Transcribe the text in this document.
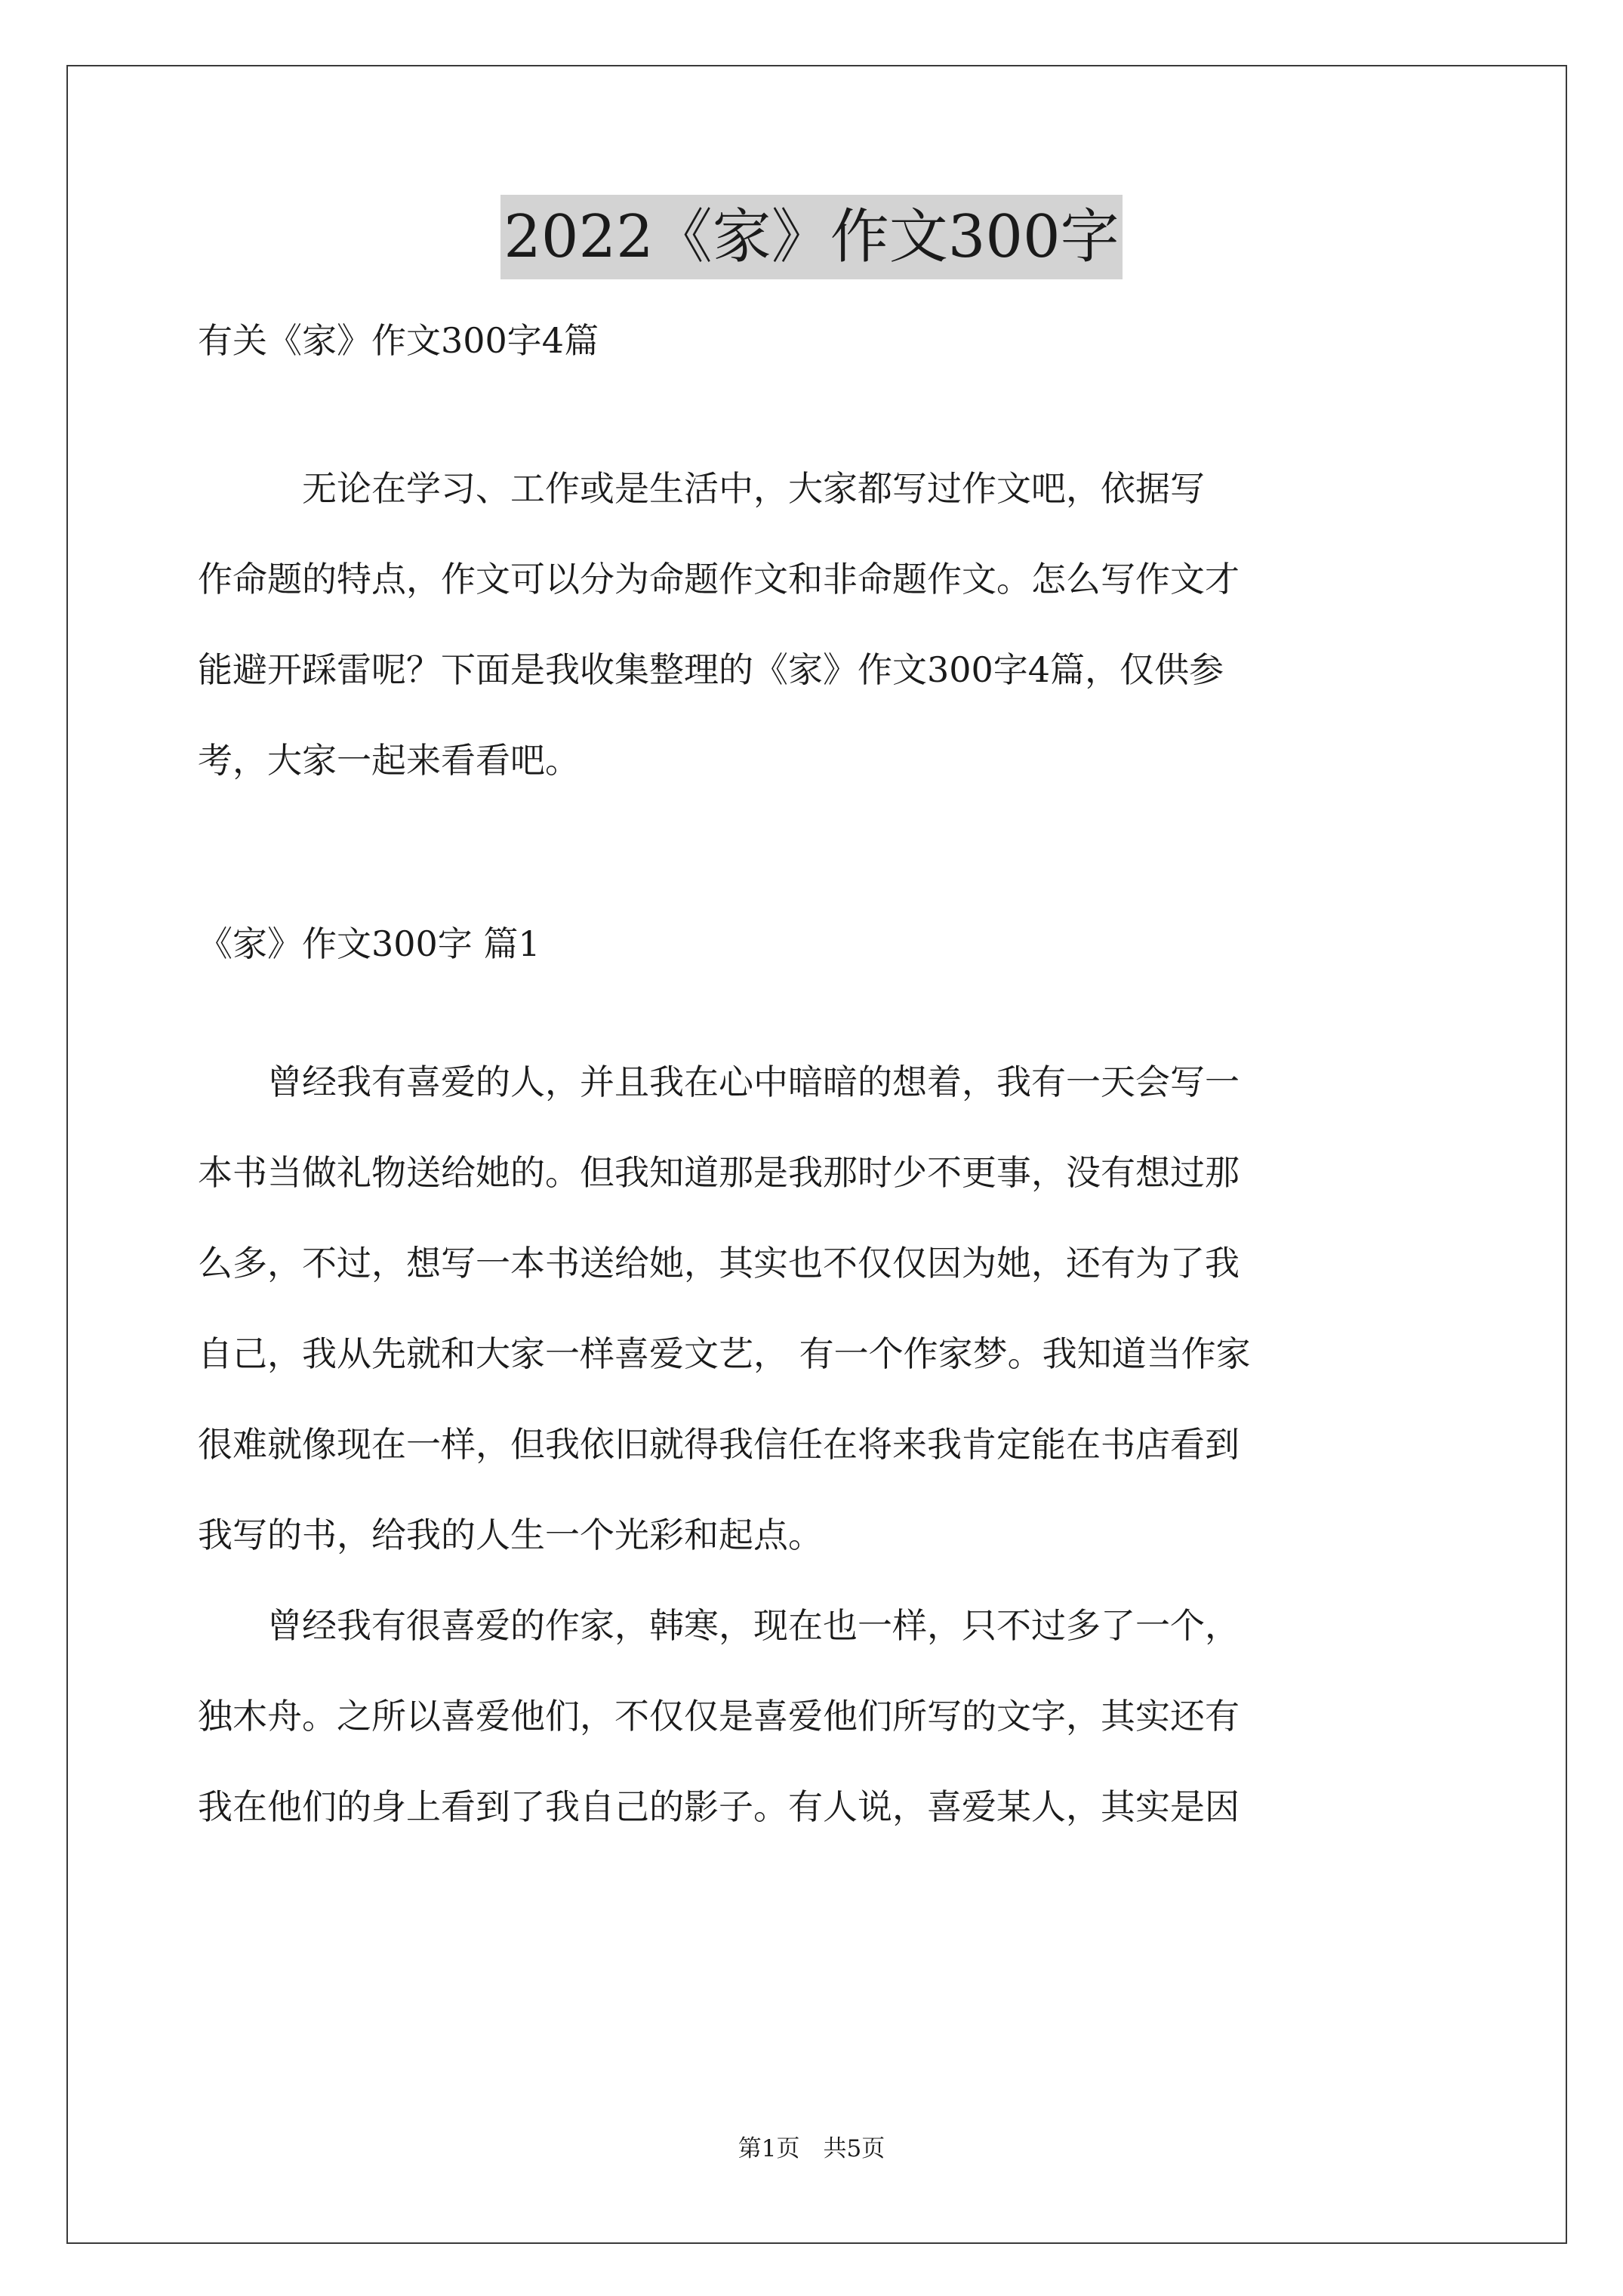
2022《家》作文300字
有关《家》作文300字4篇
　　　无论在学习、工作或是生活中，大家都写过作文吧，依据写
作命题的特点，作文可以分为命题作文和非命题作文。怎么写作文才
能避开踩雷呢？下面是我收集整理的《家》作文300字4篇，仅供参
考，大家一起来看看吧。
《家》作文300字 篇1
　　曾经我有喜爱的人，并且我在心中暗暗的想着，我有一天会写一
本书当做礼物送给她的。但我知道那是我那时少不更事，没有想过那
么多，不过，想写一本书送给她，其实也不仅仅因为她，还有为了我
自己，我从先就和大家一样喜爱文艺， 有一个作家梦。我知道当作家
很难就像现在一样，但我依旧就得我信任在将来我肯定能在书店看到
我写的书，给我的人生一个光彩和起点。
　　曾经我有很喜爱的作家，韩寒，现在也一样，只不过多了一个，
独木舟。之所以喜爱他们，不仅仅是喜爱他们所写的文字，其实还有
我在他们的身上看到了我自己的影子。有人说，喜爱某人，其实是因
第1页　共5页
